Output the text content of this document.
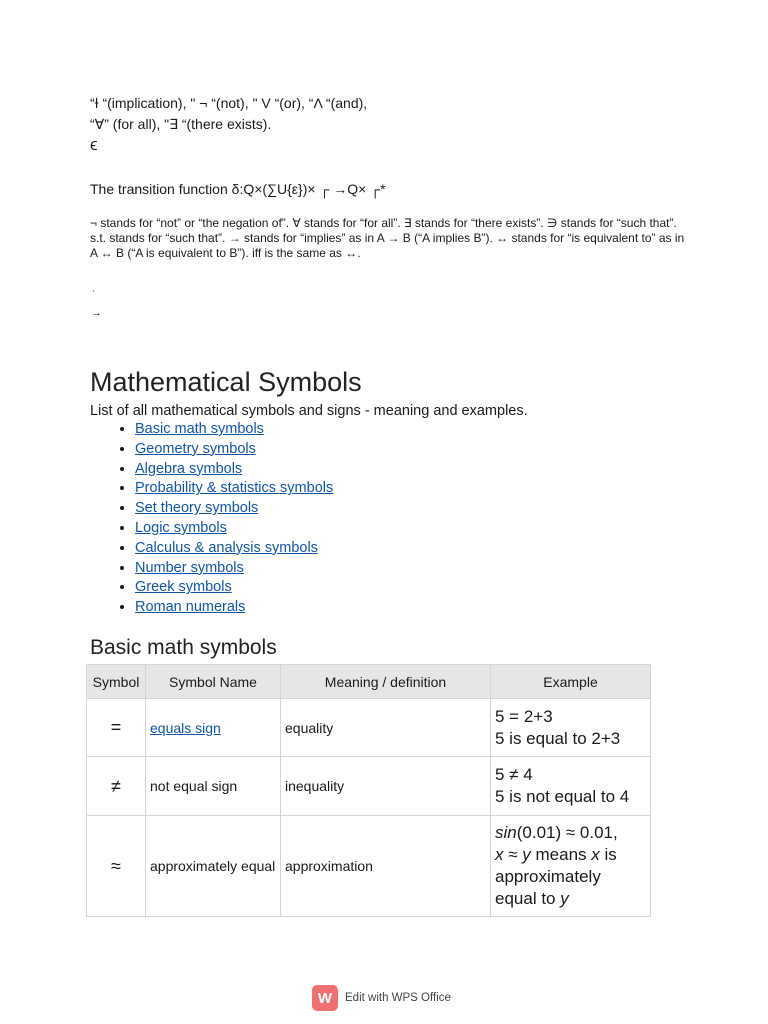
“Ɨ “(implication), " ¬ “(not), " V “(or), “Λ “(and),
“∀” (for all), "∃ “(there exists).
ϵ
The transition function δ:Q×(∑U{ε})× ┌ →Q× ┌*
¬ stands for “not” or “the negation of”. ∀ stands for “for all”. ∃ stands for “there exists”. ∋ stands for “such that”. s.t. stands for “such that”. → stands for “implies” as in A → B (“A implies B”). ↔ stands for “is equivalent to” as in A ↔ B (“A is equivalent to B”). iff is the same as ↔.
˙
→
Mathematical Symbols
List of all mathematical symbols and signs - meaning and examples.
• Basic math symbols
• Geometry symbols
• Algebra symbols
• Probability & statistics symbols
• Set theory symbols
• Logic symbols
• Calculus & analysis symbols
• Number symbols
• Greek symbols
• Roman numerals
Basic math symbols
Symbol	Symbol Name	Meaning / definition	Example
=	equals sign	equality	5 = 2+3
5 is equal to 2+3

≠	not equal sign	inequality	5 ≠ 4
5 is not equal to 4

≈	approximately equal	approximation	sin(0.01) ≈ 0.01,
x ≈ y means x is approximately equal to y
W	Edit with WPS Office
